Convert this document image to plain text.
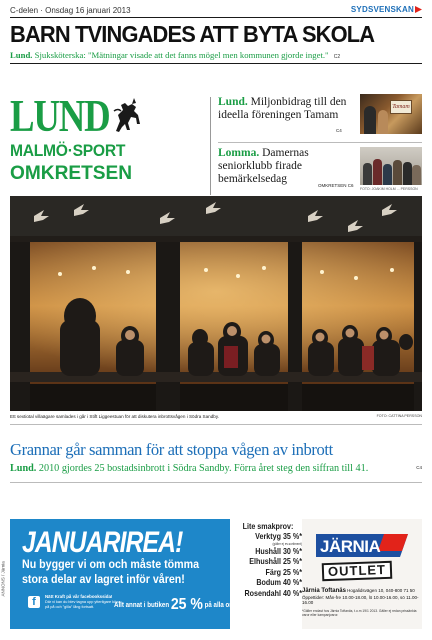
C-delen · Onsdag 16 januari 2013	SYDSVENSKAN
BARN TVINGADES ATT BYTA SKOLA
Lund. Sjuksköterska: "Mätningar visade att det fanns mögel men kommunen gjorde inget." C2
LUND
MALMÖ·SPORT
OMKRETSEN
Lund. Miljonbidrag till den ideella föreningen Tamam
C4
Tamam
Lomma. Damernas seniorklubb firade bemärkelsedag
OMKRETSEN C6
FOTO: JOAKIM HOLM ... PERSSON
Ett sextiotal villaägare samlades i går i Stift Liggeestuan för att diskutera inbrottsvågen i Södra Sandby.	FOTO: CATTINA PERSSON
Grannar går samman för att stoppa vågen av inbrott
Lund. 2010 gjordes 25 bostadsinbrott i Södra Sandby. Förra året steg den siffran till 41.	C4
ANNONS / Järnia
JANUARIREA!
Nu bygger vi om och måste tömma
stora delar av lagret inför våren!
f	Nätt Kraft på vår facebookssida!
Där vi kan du blev tagna upp ytterligare köpa. på på och "gilla" lång fortsatt.	Allt annat i butiken 25 % på alla ordinarie priser*
Lite smakprov:
Verktyg 35 %*
(gäller ej ev.sortiment)
Hushåll 30 %*
Elhushåll 25 %*
Färg 25 %*
Bodum 40 %*
Rosendahl 40 %*
JÄRNIA
OUTLET
Järnia Toftanäs Hogalidsvägen 10, 040-800 71 50
Öppettider: Mån-fre 10.00-18.00, lö 10.00-16.00, sö 11.00-16.00
*Gäller endast hos Järnia Toftanäs, t.o.m 19/1 2013. Gäller ej redan prissänkta varor eller kampanjvaror.
